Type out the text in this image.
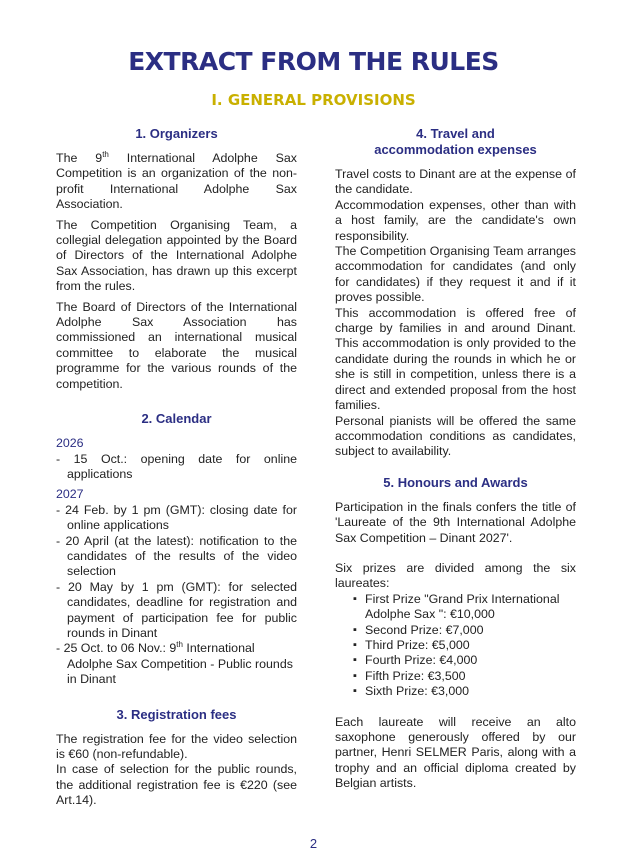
EXTRACT FROM THE RULES
I. GENERAL PROVISIONS
1. Organizers

The 9th International Adolphe Sax Competition is an organization of the non-profit International Adolphe Sax Association.

The Competition Organising Team, a collegial delegation appointed by the Board of Directors of the International Adolphe Sax Association, has drawn up this excerpt from the rules.

The Board of Directors of the International Adolphe Sax Association has commissioned an international musical committee to elaborate the musical programme for the various rounds of the competition.

2. Calendar

2026

- 15 Oct.: opening date for online applications

2027

- 24 Feb. by 1 pm (GMT): closing date for online applications

- 20 April (at the latest): notification to the candidates of the results of the video selection

- 20 May by 1 pm (GMT): for selected candidates, deadline for registration and payment of participation fee for public rounds in Dinant

- 25 Oct. to 06 Nov.: 9th International Adolphe Sax Competition - Public rounds in Dinant

3. Registration fees

The registration fee for the video selection is €60 (non-refundable).

In case of selection for the public rounds, the additional registration fee is €220 (see Art.14).

4. Travel and
accommodation expenses

Travel costs to Dinant are at the expense of the candidate.

Accommodation expenses, other than with a host family, are the candidate's own responsibility.

The Competition Organising Team arranges accommodation for candidates (and only for candidates) if they request it and if it proves possible.

This accommodation is offered free of charge by families in and around Dinant. This accommodation is only provided to the candidate during the rounds in which he or she is still in competition, unless there is a direct and extended proposal from the host families.

Personal pianists will be offered the same accommodation conditions as candidates, subject to availability.

5. Honours and Awards

Participation in the finals confers the title of 'Laureate of the 9th International Adolphe Sax Competition – Dinant 2027'.

Six prizes are divided among the six laureates:

▪ First Prize "Grand Prix International Adolphe Sax ": €10,000

▪ Second Prize: €7,000

▪ Third Prize: €5,000

▪ Fourth Prize: €4,000

▪ Fifth Prize: €3,500

▪ Sixth Prize: €3,000

Each laureate will receive an alto saxophone generously offered by our partner, Henri SELMER Paris, along with a trophy and an official diploma created by Belgian artists.

2
